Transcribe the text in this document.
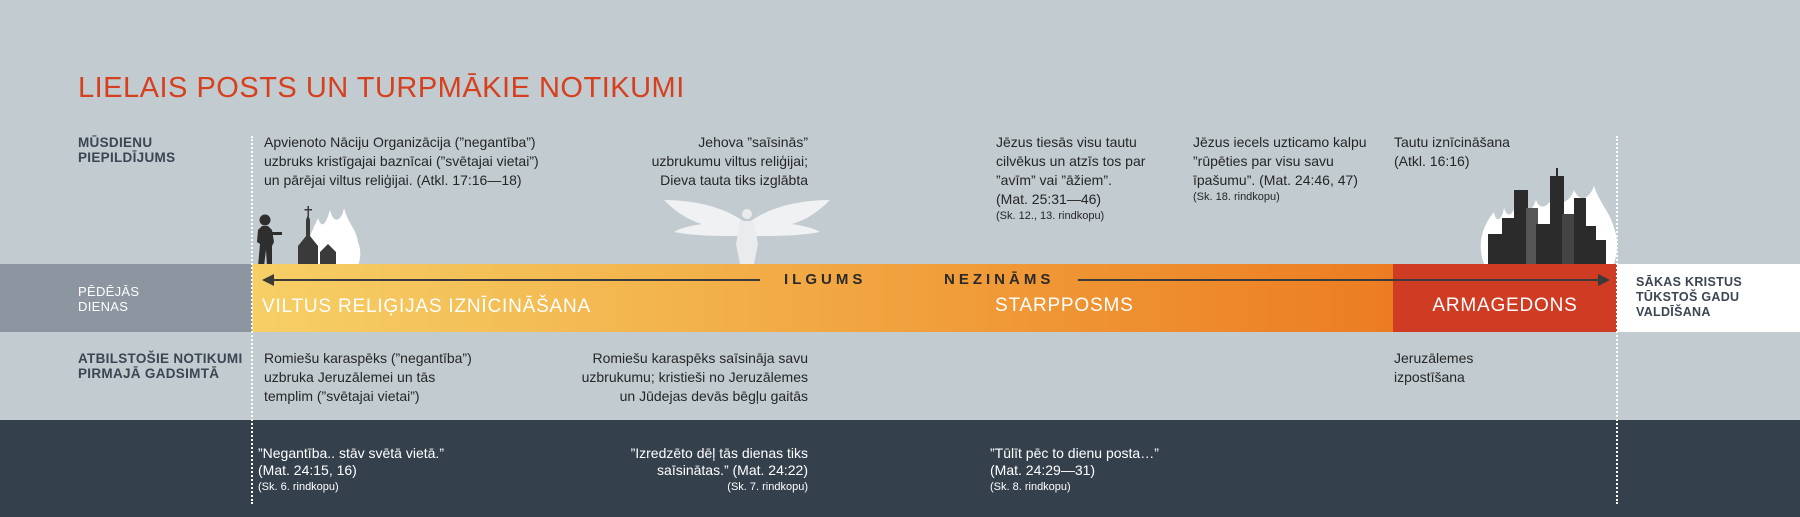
LIELAIS POSTS UN TURPMĀKIE NOTIKUMI
MŪSDIENU
PIEPILDĪJUMS
Apvienoto Nāciju Organizācija (”negantība”)
uzbruks kristīgajai baznīcai (”svētajai vietai”)
un pārējai viltus reliģijai. (Atkl. 17:16—18)
Jehova ”saīsinās”
uzbrukumu viltus reliģijai;
Dieva tauta tiks izglābta
Jēzus tiesās visu tautu
cilvēkus un atzīs tos par
”avīm” vai ”āžiem”.
(Mat. 25:31—46)
(Sk. 12., 13. rindkopu)
Jēzus iecels uzticamo kalpu
”rūpēties par visu savu
īpašumu”. (Mat. 24:46, 47)
(Sk. 18. rindkopu)
Tautu iznīcināšana
(Atkl. 16:16)
PĒDĒJĀS
DIENAS
ILGUMS	NEZINĀMS
VILTUS RELIĢIJAS IZNĪCINĀŠANA	STARPPOSMS	ARMAGEDONS
SĀKAS KRISTUS
TŪKSTOŠ GADU
VALDĪŠANA
ATBILSTOŠIE NOTIKUMI
PIRMAJĀ GADSIMTĀ
Romiešu karaspēks (”negantība”)
uzbruka Jeruzālemei un tās
templim (”svētajai vietai”)
Romiešu karaspēks saīsināja savu
uzbrukumu; kristieši no Jeruzālemes
un Jūdejas devās bēgļu gaitās
Jeruzālemes
izpostīšana
”Negantība.. stāv svētā vietā.”
(Mat. 24:15, 16)
(Sk. 6. rindkopu)
”Izredzēto dēļ tās dienas tiks
saīsinātas.” (Mat. 24:22)
(Sk. 7. rindkopu)
”Tūlīt pēc to dienu posta…”
(Mat. 24:29—31)
(Sk. 8. rindkopu)
